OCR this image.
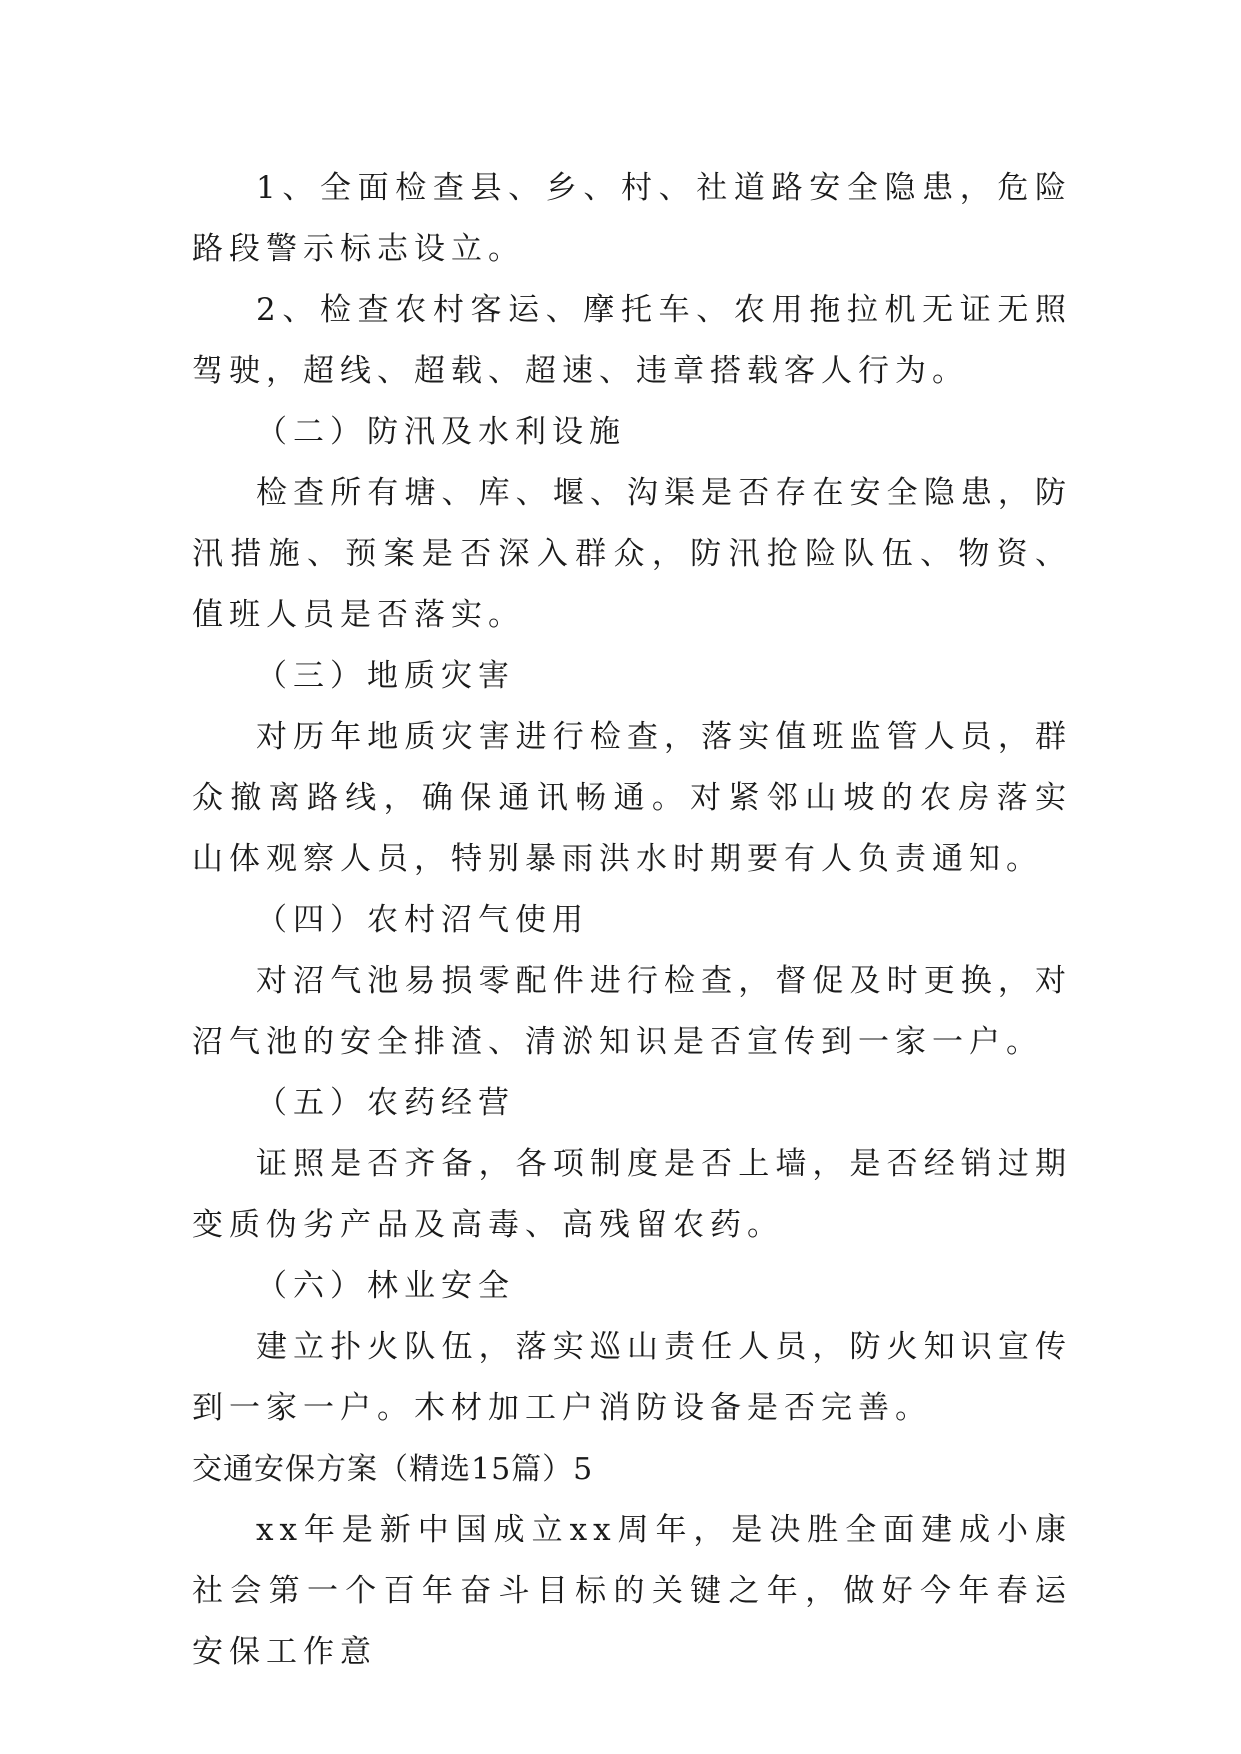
1、全面检查县、乡、村、社道路安全隐患，危险路段警示标志设立。

2、检查农村客运、摩托车、农用拖拉机无证无照驾驶，超线、超载、超速、违章搭载客人行为。

（二）防汛及水利设施

检查所有塘、库、堰、沟渠是否存在安全隐患，防汛措施、预案是否深入群众，防汛抢险队伍、物资、值班人员是否落实。

（三）地质灾害

对历年地质灾害进行检查，落实值班监管人员，群众撤离路线，确保通讯畅通。对紧邻山坡的农房落实山体观察人员，特别暴雨洪水时期要有人负责通知。

（四）农村沼气使用

对沼气池易损零配件进行检查，督促及时更换，对沼气池的安全排渣、清淤知识是否宣传到一家一户。

（五）农药经营

证照是否齐备，各项制度是否上墙，是否经销过期变质伪劣产品及高毒、高残留农药。

（六）林业安全

建立扑火队伍，落实巡山责任人员，防火知识宣传到一家一户。木材加工户消防设备是否完善。

交通安保方案（精选15篇）5

xx年是新中国成立xx周年，是决胜全面建成小康社会第一个百年奋斗目标的关键之年，做好今年春运安保工作意
